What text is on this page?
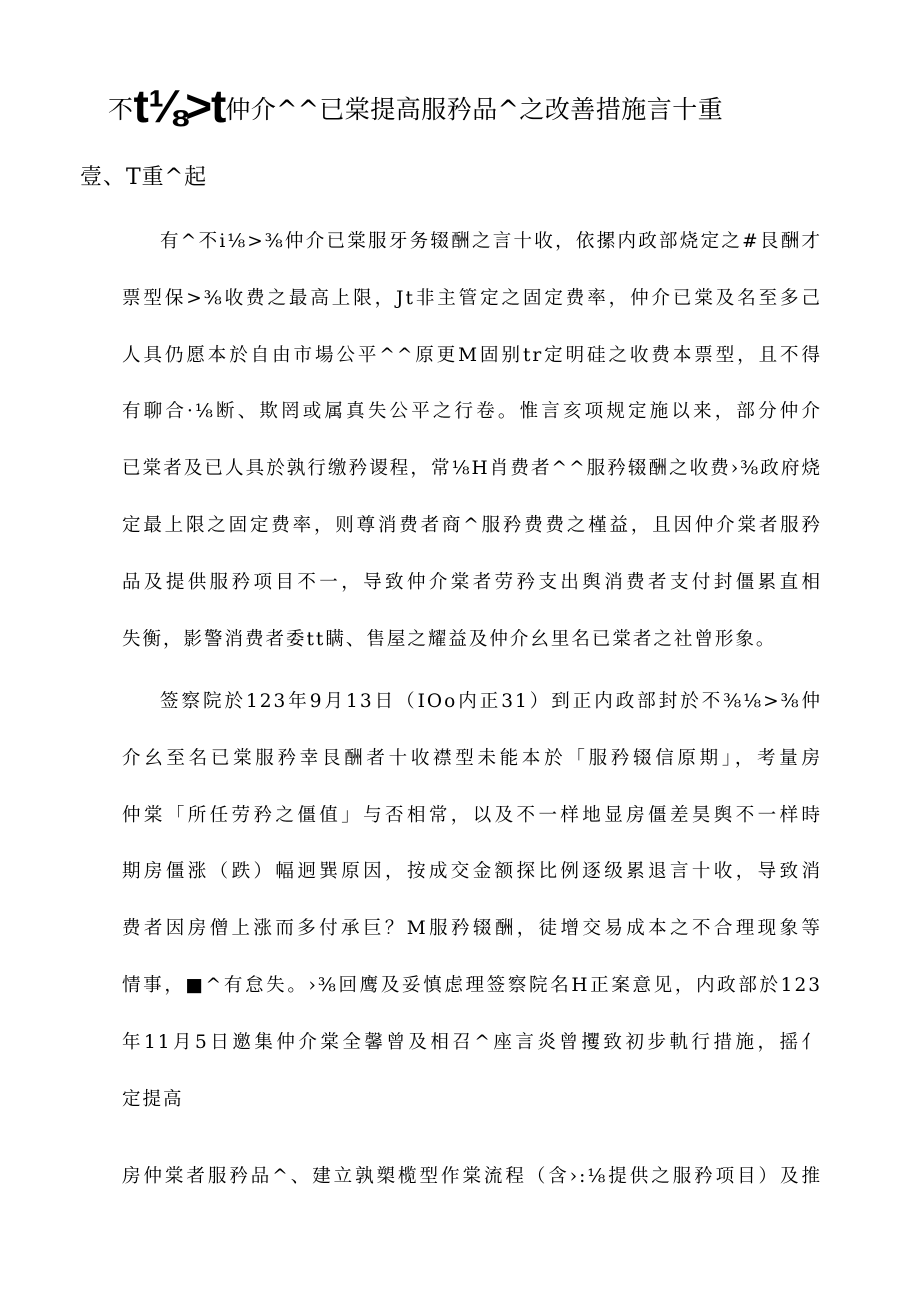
不t⅛>t仲介^^已棠提高服矜品^之改善措施言十重
壹、T重^起
有^不i⅛>⅜仲介已棠服牙务辍酬之言十收，依摞内政部烧定之#艮酬才
票型保>⅜收费之最高上限，Jt非主管定之固定费率，仲介已棠及名至多己
人具仍愿本於自由市場公平^^原更M固别tr定明硅之收费本票型，且不得
有聊合·⅛断、欺罔或属真失公平之行卷。惟言亥项规定施以来，部分仲介
已棠者及已人具於孰行缴矜谡程，常⅛H肖费者^^服矜辍酬之收费›⅜政府烧
定最上限之固定费率，则尊消费者商^服矜费费之槿益，且因仲介棠者服矜
品及提供服矜项目不一，导致仲介棠者劳矜支出舆消费者支付封僵累直相
失衡，影警消费者委tt瞒、售屋之耀益及仲介幺里名已棠者之社曾形象。
签察院於123年9月13日（IOo内正31）到正内政部封於不⅜⅛>⅜仲
介幺至名已棠服矜幸艮酬者十收襟型未能本於「服矜辍信原期」，考量房
仲棠「所任劳矜之僵值」与否相常，以及不一样地显房僵差昊舆不一样時
期房僵涨（跌）幅迥巽原因，按成交金额探比例逐级累退言十收，导致消
费者因房僧上涨而多付承巨？M服矜辍酬，徒增交易成本之不合理现象等
情事，■^有怠失。›⅜回鹰及妥慎虑理签察院名H正案意见，内政部於123
年11月5日邀集仲介棠全馨曾及相召^座言炎曾攫致初步軌行措施，摇亻
定提高
房仲棠者服矜品^、建立孰槊榄型作棠流程（含›:⅛提供之服矜项目）及推
